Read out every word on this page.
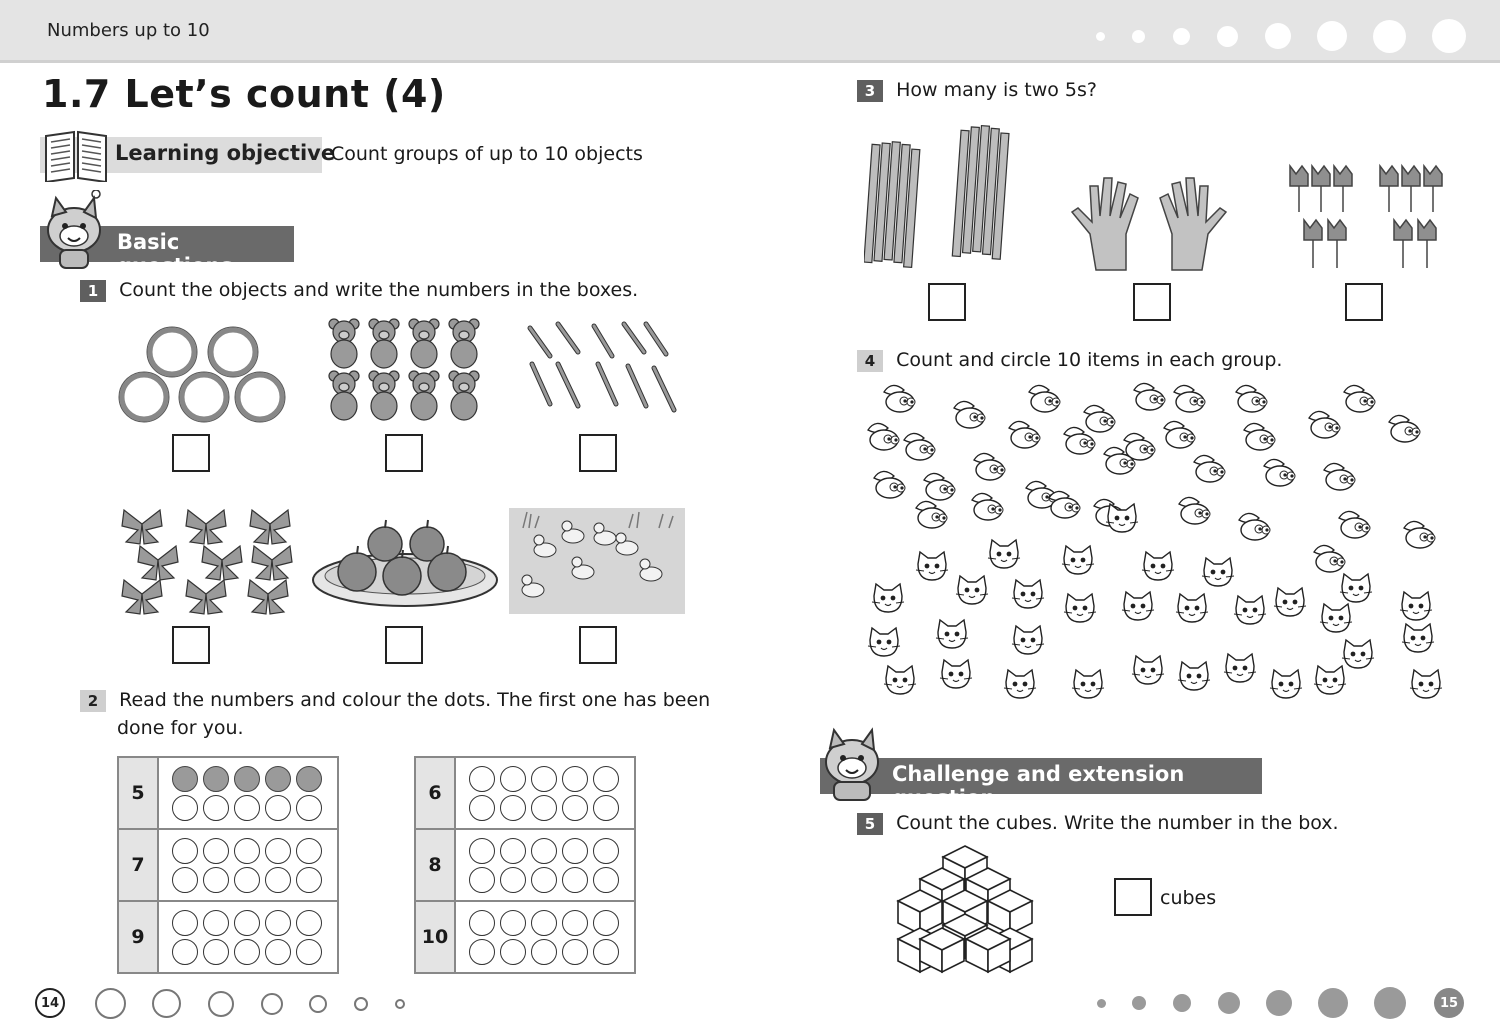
Numbers up to 10
1.7 Let’s count (4)
Learning objective
Count groups of up to 10 objects
Basic questions
1 Count the objects and write the numbers in the boxes.
2 Read the numbers and colour the dots. The first one has been
done for you.
5	

7	

9	
6	

8	

10	
14
3 How many is two 5s?
4 Count and circle 10 items in each group.
Challenge and extension question
5 Count the cubes. Write the number in the box.
cubes
15
